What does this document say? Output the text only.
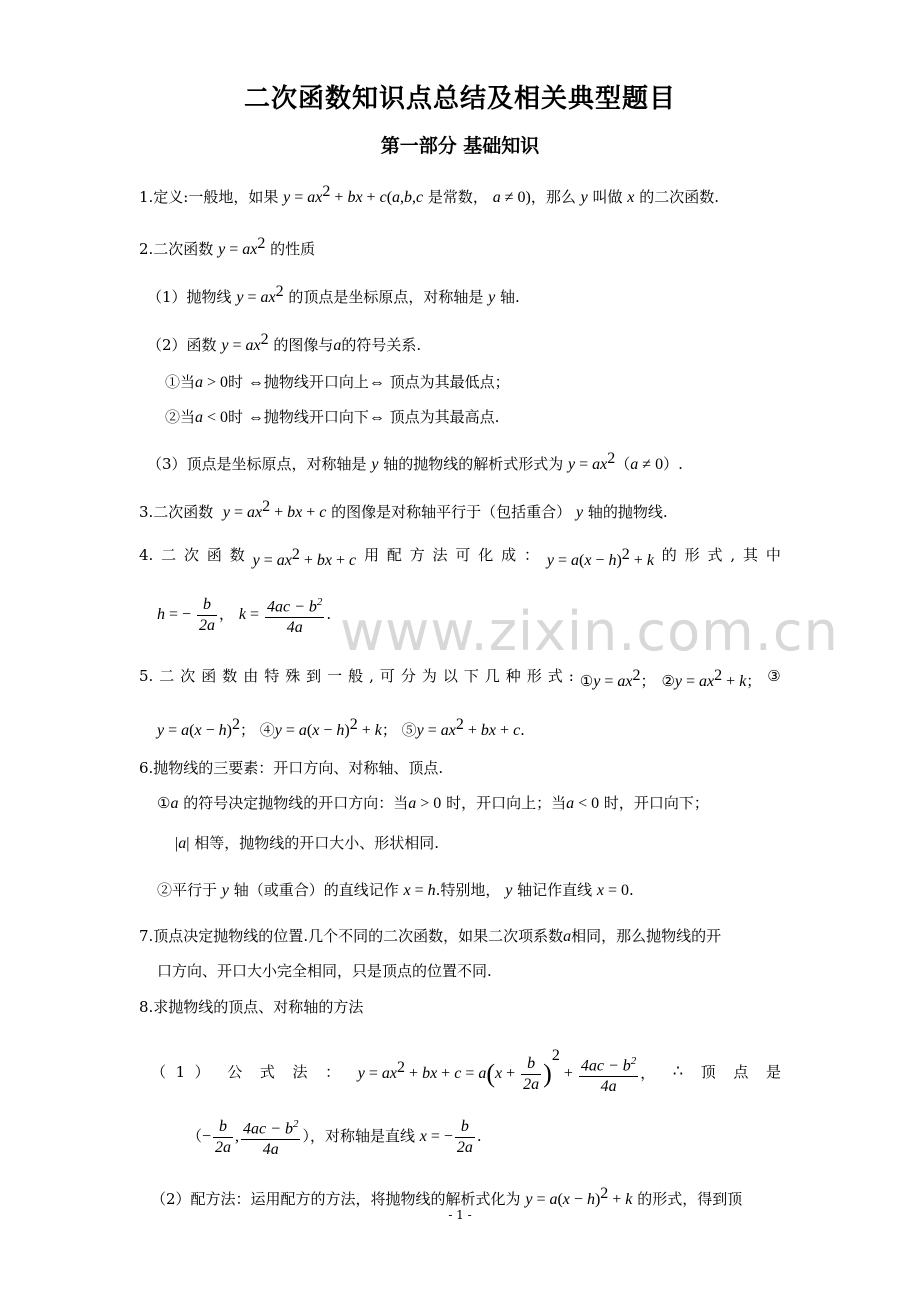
www.zixin.com.cn
二次函数知识点总结及相关典型题目
第一部分 基础知识
1.定义:一般地，如果 $y = ax^2$ + bx + c(a,b,c 是常数， a ≠ 0)，那么 y 叫做 x 的二次函数.
2.二次函数 $y = ax^2$ 的性质
（1）抛物线 $y = ax^2$ 的顶点是坐标原点，对称轴是 y 轴.
（2）函数 $y = ax^2$ 的图像与a的符号关系.
①当a > 0时 ⇔抛物线开口向上⇔ 顶点为其最低点；
②当a < 0时 ⇔抛物线开口向下⇔ 顶点为其最高点.
（3）顶点是坐标原点，对称轴是 y 轴的抛物线的解析式形式为 $y = ax^2(a \ne 0)$.
3.二次函数 $y = ax^2$ + bx + c 的图像是对称轴平行于（包括重合） y 轴的抛物线.
4. 二 次 函 数 $y = ax^2$ + bx + c 用 配 方 法 可 化 成 ： $y = a(x - h)^2 + k$ 的 形 式 , 其 中
h = − $\frac{b}{2a}$ ， $k = \frac{4ac - b^2}{4a}$ .
5. 二 次 函 数 由 特 殊 到 一 般 , 可 分 为 以 下 几 种 形 式 : ①y = $ax^2$； ②y = $ax^2 + k$； ③
$y = a(x - h)^2$； ④y = $a(x - h)^2 + k$； ⑤y = $ax^2$ + bx + c.
6.抛物线的三要素：开口方向、对称轴、顶点.
①a 的符号决定抛物线的开口方向：当a > 0 时，开口向上；当a < 0 时，开口向下；
|a| 相等，抛物线的开口大小、形状相同.
②平行于 y 轴（或重合）的直线记作 x = h.特别地， y 轴记作直线 x = 0.
7.顶点决定抛物线的位置.几个不同的二次函数，如果二次项系数a相同，那么抛物线的开
口方向、开口大小完全相同，只是顶点的位置不同.
8.求抛物线的顶点、对称轴的方法
（ 1 ） 公 式 法 ： $y = ax^2$ + bx + $c = a(x + \frac{b}{2a} )^2 + \frac{4ac - b^2}{4a}$ ， ∴ 顶 点 是
（− $\frac{b}{2a}$ , $\frac{4ac - b^2}{4a}$ ），对称轴是直线 x = − $\frac{b}{2a}$ .
（2）配方法：运用配方的方法，将抛物线的解析式化为 $y = a(x - h)^2 + k$ 的形式，得到顶
- 1 -
